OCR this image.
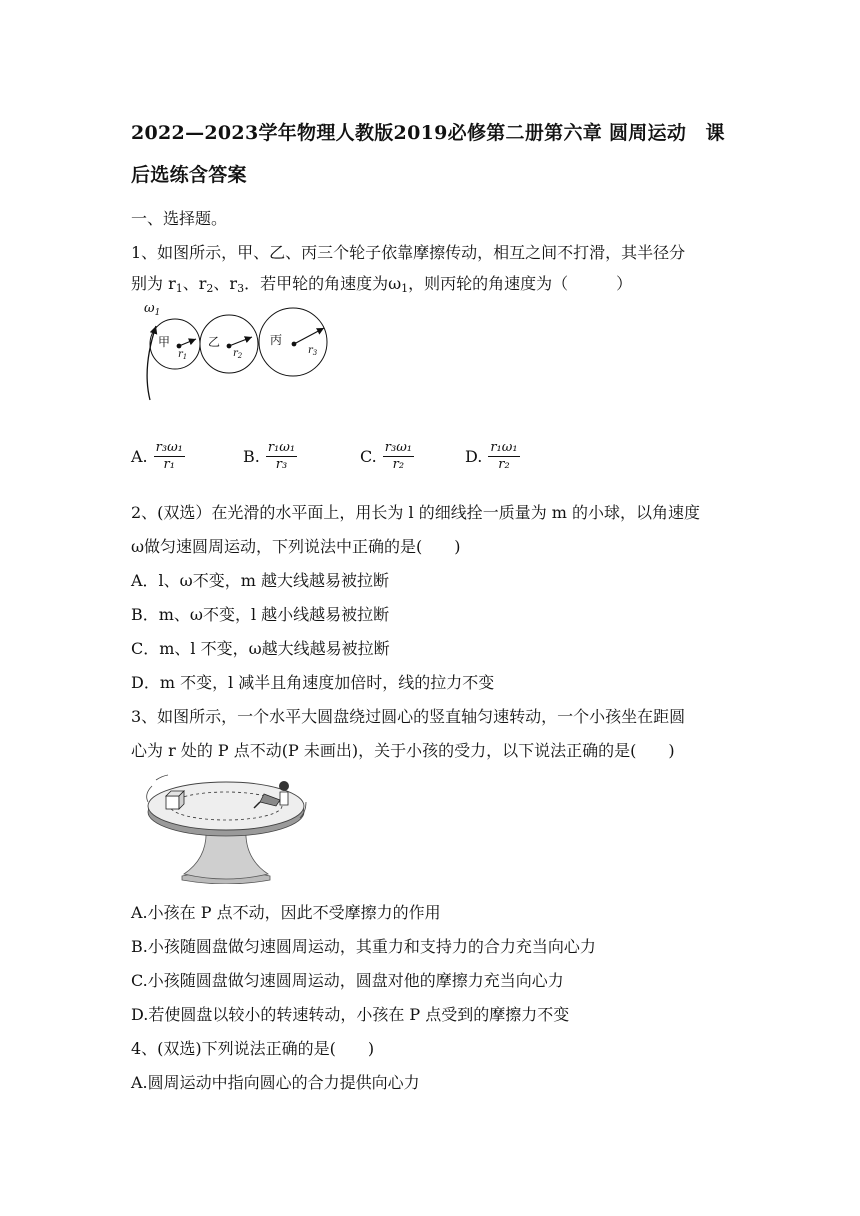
2022—2023学年物理人教版2019必修第二册第六章 圆周运动　课
后选练含答案
一、选择题。
1、如图所示，甲、乙、丙三个轮子依靠摩擦传动，相互之间不打滑，其半径分
别为 $r_1$、$r_2$、$r_3$．若甲轮的角速度为$\omega_1$，则丙轮的角速度为（　　　）
$\omega_1$
甲	乙	丙
$r_1$	$r_2$	$r_3$
A. $\frac{\text{r₃ω₁}}{\text{r₁}}$	B. $\frac{\text{r₁ω₁}}{\text{r₃}}$	C. $\frac{\text{r₃ω₁}}{\text{r₂}}$	D. $\frac{\text{r₁ω₁}}{\text{r₂}}$
2、(双选）在光滑的水平面上，用长为 l 的细线拴一质量为 m 的小球，以角速度
ω做匀速圆周运动，下列说法中正确的是(　　)
A．l、ω不变，m 越大线越易被拉断
B．m、ω不变，l 越小线越易被拉断
C．m、l 不变，ω越大线越易被拉断
D．m 不变，l 减半且角速度加倍时，线的拉力不变
3、如图所示，一个水平大圆盘绕过圆心的竖直轴匀速转动，一个小孩坐在距圆
心为 r 处的 P 点不动(P 未画出)，关于小孩的受力，以下说法正确的是(　　)
A.小孩在 P 点不动，因此不受摩擦力的作用
B.小孩随圆盘做匀速圆周运动，其重力和支持力的合力充当向心力
C.小孩随圆盘做匀速圆周运动，圆盘对他的摩擦力充当向心力
D.若使圆盘以较小的转速转动，小孩在 P 点受到的摩擦力不变
4、(双选)下列说法正确的是(　　)
A.圆周运动中指向圆心的合力提供向心力
